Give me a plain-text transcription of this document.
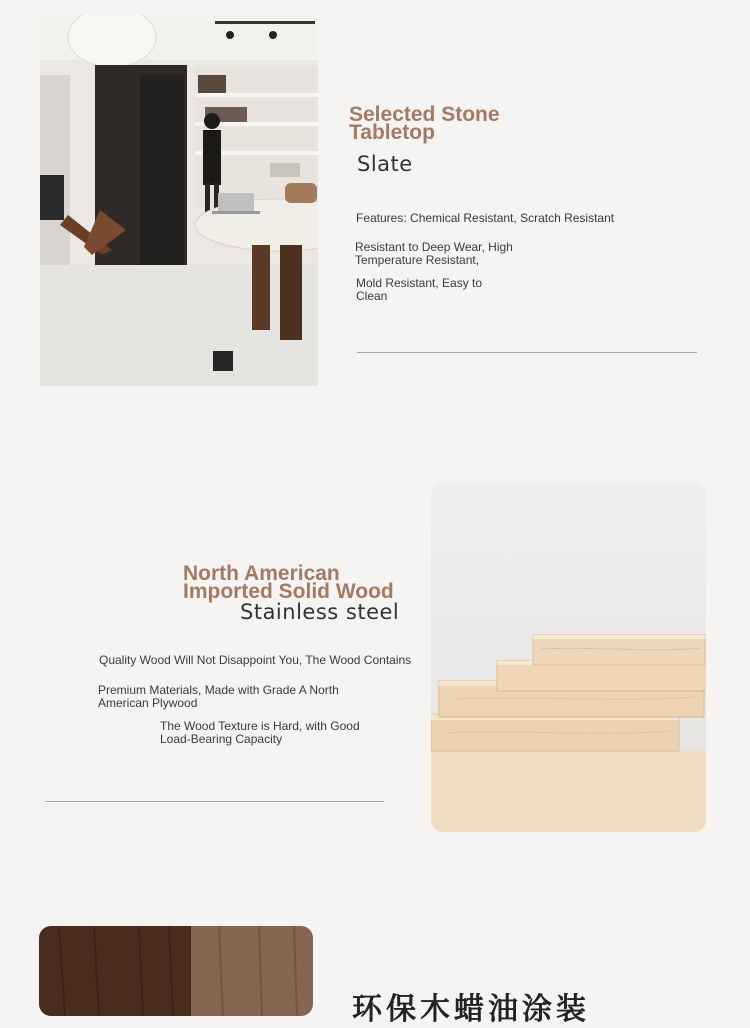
Selected Stone Tabletop

Slate

Features: Chemical Resistant, Scratch Resistant

Resistant to Deep Wear, High Temperature Resistant,

Mold Resistant, Easy to Clean

North American Imported Solid Wood

Stainless steel

Quality Wood Will Not Disappoint You, The Wood Contains

Premium Materials, Made with Grade A North American Plywood

The Wood Texture is Hard, with Good Load-Bearing Capacity

环保木蜡油涂装
